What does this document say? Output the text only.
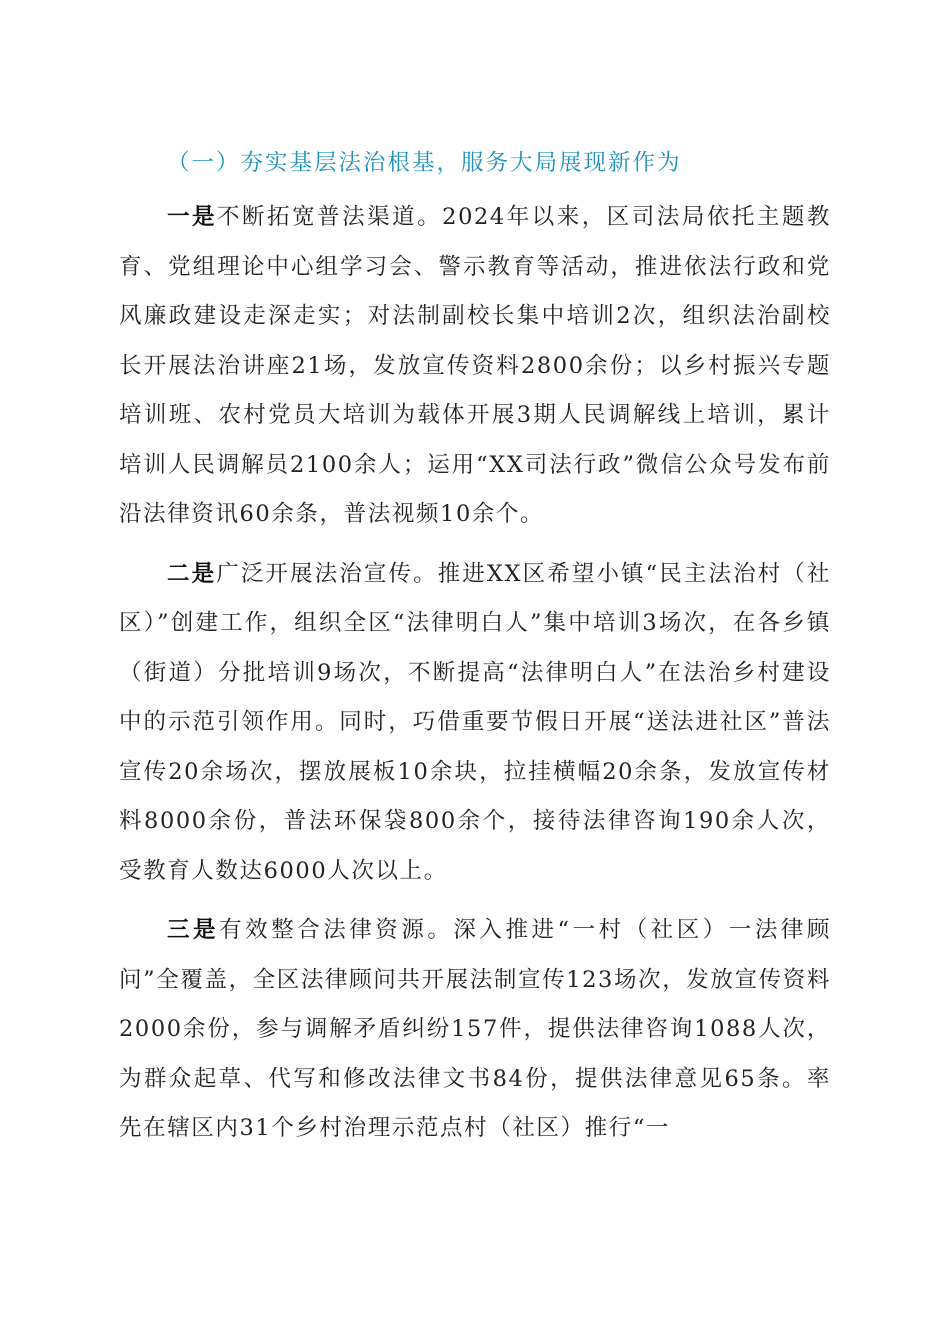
（一）夯实基层法治根基，服务大局展现新作为

一是不断拓宽普法渠道。2024年以来，区司法局依托主题教育、党组理论中心组学习会、警示教育等活动，推进依法行政和党风廉政建设走深走实；对法制副校长集中培训2次，组织法治副校长开展法治讲座21场，发放宣传资料2800余份；以乡村振兴专题培训班、农村党员大培训为载体开展3期人民调解线上培训，累计培训人民调解员2100余人；运用“XX司法行政”微信公众号发布前沿法律资讯60余条，普法视频10余个。

二是广泛开展法治宣传。推进XX区希望小镇“民主法治村（社区）”创建工作，组织全区“法律明白人”集中培训3场次，在各乡镇（街道）分批培训9场次，不断提高“法律明白人”在法治乡村建设中的示范引领作用。同时，巧借重要节假日开展“送法进社区”普法宣传20余场次，摆放展板10余块，拉挂横幅20余条，发放宣传材料8000余份，普法环保袋800余个，接待法律咨询190余人次，受教育人数达6000人次以上。

三是有效整合法律资源。深入推进“一村（社区）一法律顾问”全覆盖，全区法律顾问共开展法制宣传123场次，发放宣传资料2000余份，参与调解矛盾纠纷157件，提供法律咨询1088人次，为群众起草、代写和修改法律文书84份，提供法律意见65条。率先在辖区内31个乡村治理示范点村（社区）推行“一
